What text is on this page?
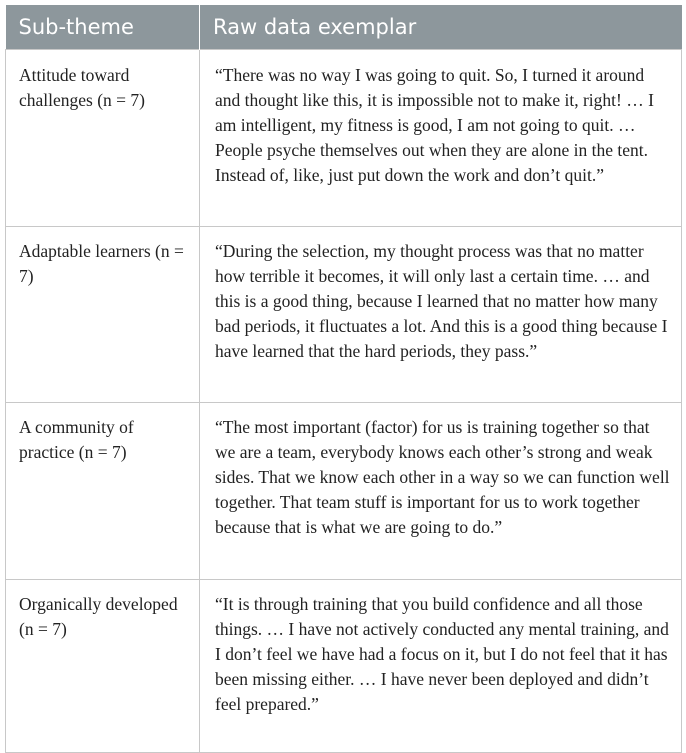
Sub-theme	Raw data exemplar
Attitude toward challenges (n = 7)	“There was no way I was going to quit. So, I turned it around and thought like this, it is impossible not to make it, right! … I am intelligent, my fitness is good, I am not going to quit. … People psyche themselves out when they are alone in the tent. Instead of, like, just put down the work and don’t quit.”
Adaptable learners (n = 7)	“During the selection, my thought process was that no matter how terrible it becomes, it will only last a certain time. … and this is a good thing, because I learned that no matter how many bad periods, it fluctuates a lot. And this is a good thing because I have learned that the hard periods, they pass.”
A community of practice (n = 7)	“The most important (factor) for us is training together so that we are a team, everybody knows each other’s strong and weak sides. That we know each other in a way so we can function well together. That team stuff is important for us to work together because that is what we are going to do.”
Organically developed (n = 7)	“It is through training that you build confidence and all those things. … I have not actively conducted any mental training, and I don’t feel we have had a focus on it, but I do not feel that it has been missing either. … I have never been deployed and didn’t feel prepared.”
